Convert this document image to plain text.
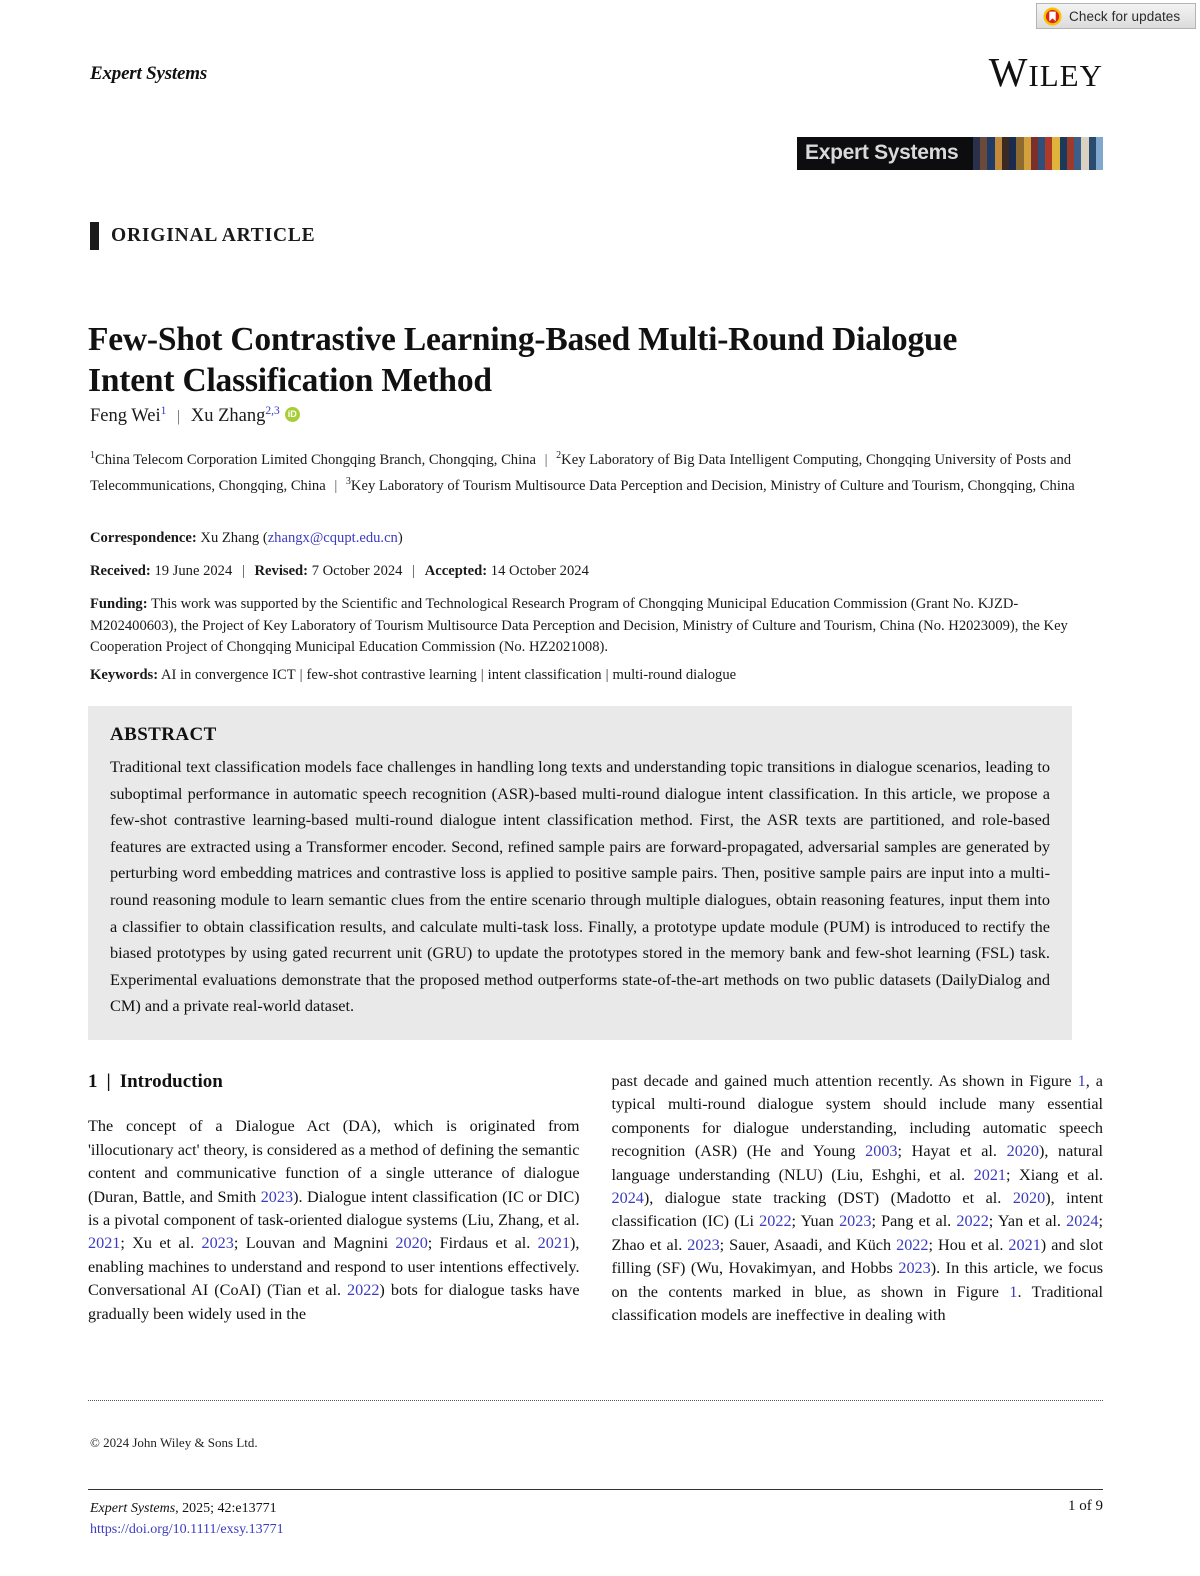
Check for updates
Expert Systems	WILEY
Expert Systems
ORIGINAL ARTICLE
Few-Shot Contrastive Learning-Based Multi-Round Dialogue Intent Classification Method
Feng Wei$^1$ | Xu Zhang$^{2,3}$iD
$^1$China Telecom Corporation Limited Chongqing Branch, Chongqing, China | $^2$Key Laboratory of Big Data Intelligent Computing, Chongqing University of Posts and Telecommunications, Chongqing, China | $^3$Key Laboratory of Tourism Multisource Data Perception and Decision, Ministry of Culture and Tourism, Chongqing, China
Correspondence: Xu Zhang (zhangx@cqupt.edu.cn)
Received: 19 June 2024 | Revised: 7 October 2024 | Accepted: 14 October 2024
Funding: This work was supported by the Scientific and Technological Research Program of Chongqing Municipal Education Commission (Grant No. KJZD-M202400603), the Project of Key Laboratory of Tourism Multisource Data Perception and Decision, Ministry of Culture and Tourism, China (No. H2023009), the Key Cooperation Project of Chongqing Municipal Education Commission (No. HZ2021008).
Keywords: AI in convergence ICT | few-shot contrastive learning | intent classification | multi-round dialogue
ABSTRACT
Traditional text classification models face challenges in handling long texts and understanding topic transitions in dialogue scenarios, leading to suboptimal performance in automatic speech recognition (ASR)-based multi-round dialogue intent classification. In this article, we propose a few-shot contrastive learning-based multi-round dialogue intent classification method. First, the ASR texts are partitioned, and role-based features are extracted using a Transformer encoder. Second, refined sample pairs are forward-propagated, adversarial samples are generated by perturbing word embedding matrices and contrastive loss is applied to positive sample pairs. Then, positive sample pairs are input into a multi-round reasoning module to learn semantic clues from the entire scenario through multiple dialogues, obtain reasoning features, input them into a classifier to obtain classification results, and calculate multi-task loss. Finally, a prototype update module (PUM) is introduced to rectify the biased prototypes by using gated recurrent unit (GRU) to update the prototypes stored in the memory bank and few-shot learning (FSL) task. Experimental evaluations demonstrate that the proposed method outperforms state-of-the-art methods on two public datasets (DailyDialog and CM) and a private real-world dataset.
1 | Introduction

The concept of a Dialogue Act (DA), which is originated from 'illocutionary act' theory, is considered as a method of defining the semantic content and communicative function of a single utterance of dialogue (Duran, Battle, and Smith 2023). Dialogue intent classification (IC or DIC) is a pivotal component of task-oriented dialogue systems (Liu, Zhang, et al. 2021; Xu et al. 2023; Louvan and Magnini 2020; Firdaus et al. 2021), enabling machines to understand and respond to user intentions effectively. Conversational AI (CoAI) (Tian et al. 2022) bots for dialogue tasks have gradually been widely used in the

past decade and gained much attention recently. As shown in Figure 1, a typical multi-round dialogue system should include many essential components for dialogue understanding, including automatic speech recognition (ASR) (He and Young 2003; Hayat et al. 2020), natural language understanding (NLU) (Liu, Eshghi, et al. 2021; Xiang et al. 2024), dialogue state tracking (DST) (Madotto et al. 2020), intent classification (IC) (Li 2022; Yuan 2023; Pang et al. 2022; Yan et al. 2024; Zhao et al. 2023; Sauer, Asaadi, and Küch 2022; Hou et al. 2021) and slot filling (SF) (Wu, Hovakimyan, and Hobbs 2023). In this article, we focus on the contents marked in blue, as shown in Figure 1. Traditional classification models are ineffective in dealing with

© 2024 John Wiley & Sons Ltd.
Expert Systems, 2025; 42:e13771
https://doi.org/10.1111/exsy.13771
1 of 9
